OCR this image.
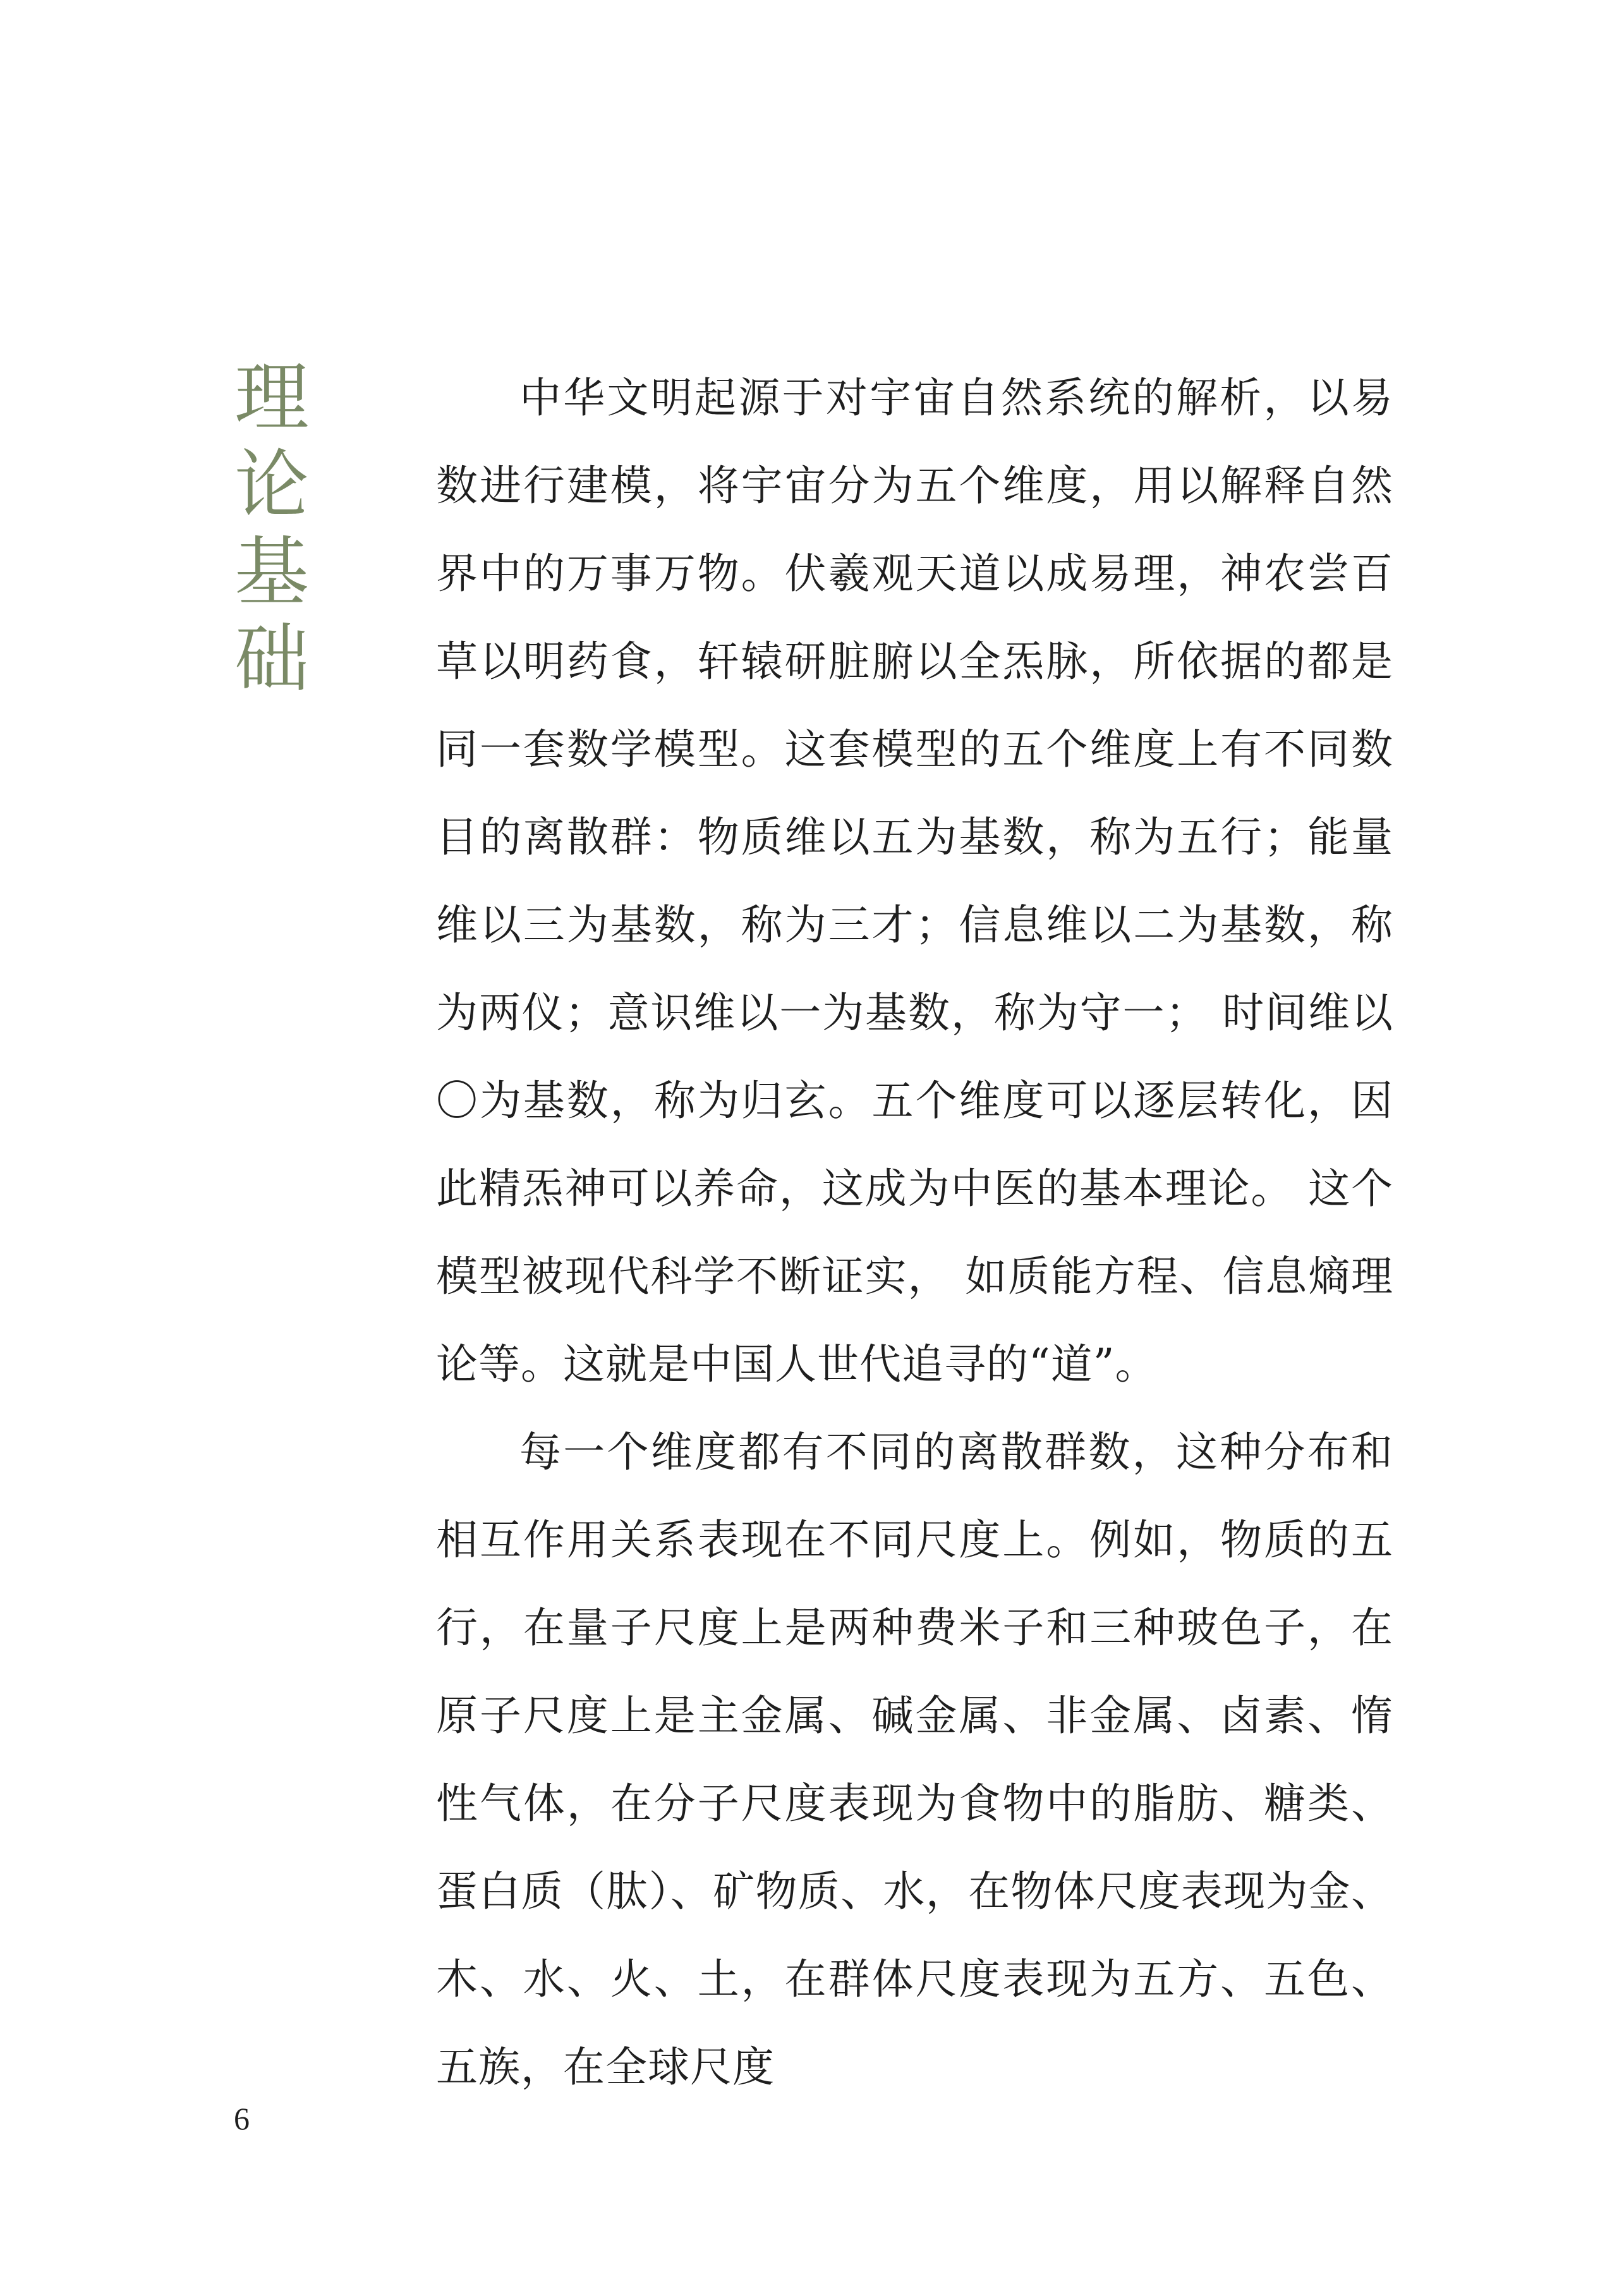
理
论
基
础

中华文明起源于对宇宙自然系统的解析，以易数进行建模，将宇宙分为五个维度，用以解释自然界中的万事万物。伏羲观天道以成易理，神农尝百草以明药食，轩辕研脏腑以全炁脉，所依据的都是同一套数学模型。这套模型的五个维度上有不同数目的离散群：物质维以五为基数，称为五行；能量维以三为基数，称为三才；信息维以二为基数，称为两仪；意识维以一为基数，称为守一； 时间维以〇为基数，称为归玄。五个维度可以逐层转化，因此精炁神可以养命，这成为中医的基本理论。 这个模型被现代科学不断证实， 如质能方程、信息熵理论等。这就是中国人世代追寻的“道”。

每一个维度都有不同的离散群数，这种分布和相互作用关系表现在不同尺度上。例如，物质的五行，在量子尺度上是两种费米子和三种玻色子，在原子尺度上是主金属、碱金属、非金属、卤素、惰性气体，在分子尺度表现为食物中的脂肪、糖类、蛋白质（肽）、矿物质、水，在物体尺度表现为金、木、水、火、土，在群体尺度表现为五方、五色、五族，在全球尺度

6
